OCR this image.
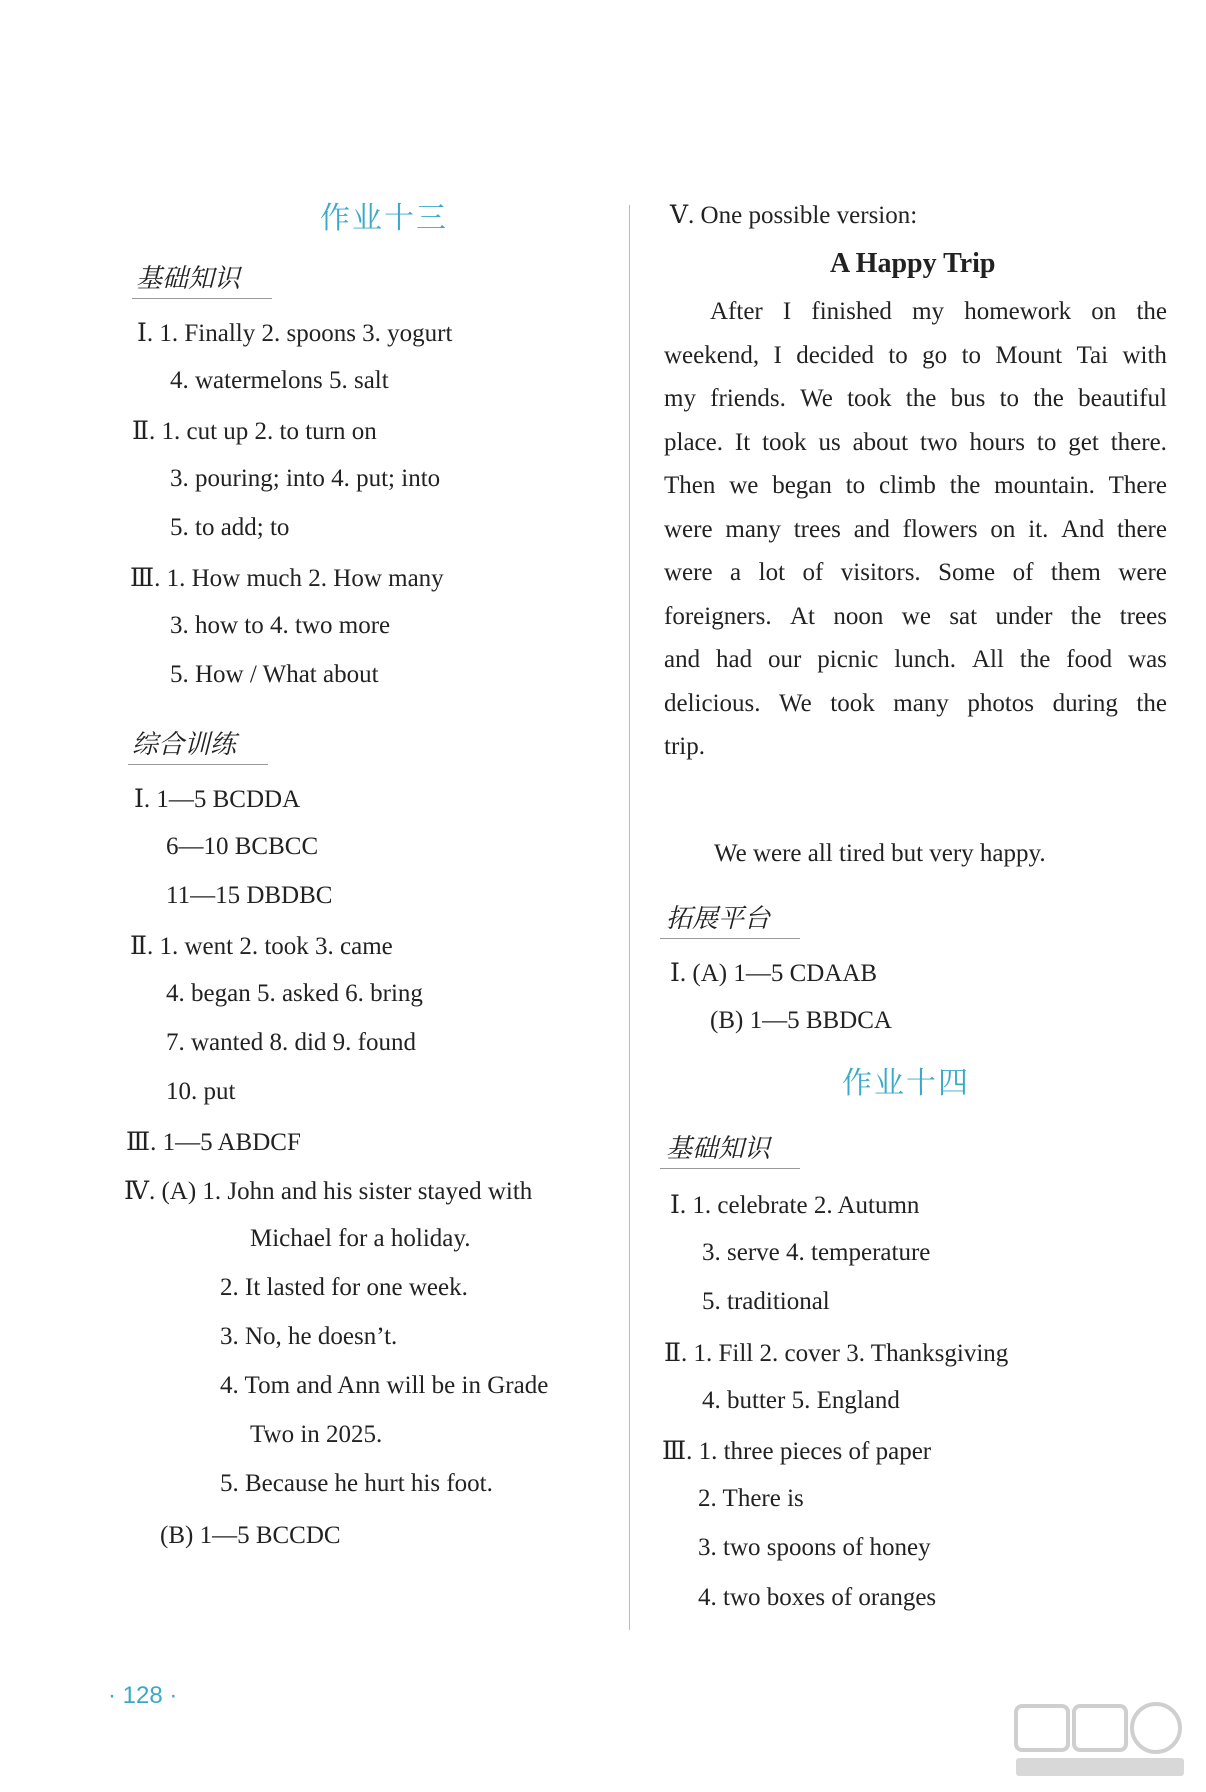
作业十三
基础知识
Ⅰ. 1. Finally 2. spoons 3. yogurt
4. watermelons 5. salt
Ⅱ. 1. cut up 2. to turn on
3. pouring; into 4. put; into
5. to add; to
Ⅲ. 1. How much 2. How many
3. how to 4. two more
5. How / What about
综合训练
Ⅰ. 1—5 BCDDA
6—10 BCBCC
11—15 DBDBC
Ⅱ. 1. went 2. took 3. came
4. began 5. asked 6. bring
7. wanted 8. did 9. found
10. put
Ⅲ. 1—5 ABDCF
Ⅳ. (A) 1. John and his sister stayed with
Michael for a holiday.
2. It lasted for one week.
3. No, he doesn’t.
4. Tom and Ann will be in Grade
Two in 2025.
5. Because he hurt his foot.
(B) 1—5 BCCDC
Ⅴ. One possible version:
A Happy Trip
After I finished my homework on the
weekend, I decided to go to Mount Tai with
my friends. We took the bus to the beautiful
place. It took us about two hours to get there.
Then we began to climb the mountain. There
were many trees and flowers on it. And there
were a lot of visitors. Some of them were
foreigners. At noon we sat under the trees
and had our picnic lunch. All the food was
delicious. We took many photos during the
trip.
We were all tired but very happy.
拓展平台
Ⅰ. (A) 1—5 CDAAB
(B) 1—5 BBDCA
作业十四
基础知识
Ⅰ. 1. celebrate 2. Autumn
3. serve 4. temperature
5. traditional
Ⅱ. 1. Fill 2. cover 3. Thanksgiving
4. butter 5. England
Ⅲ. 1. three pieces of paper
2. There is
3. two spoons of honey
4. two boxes of oranges
· 128 ·
